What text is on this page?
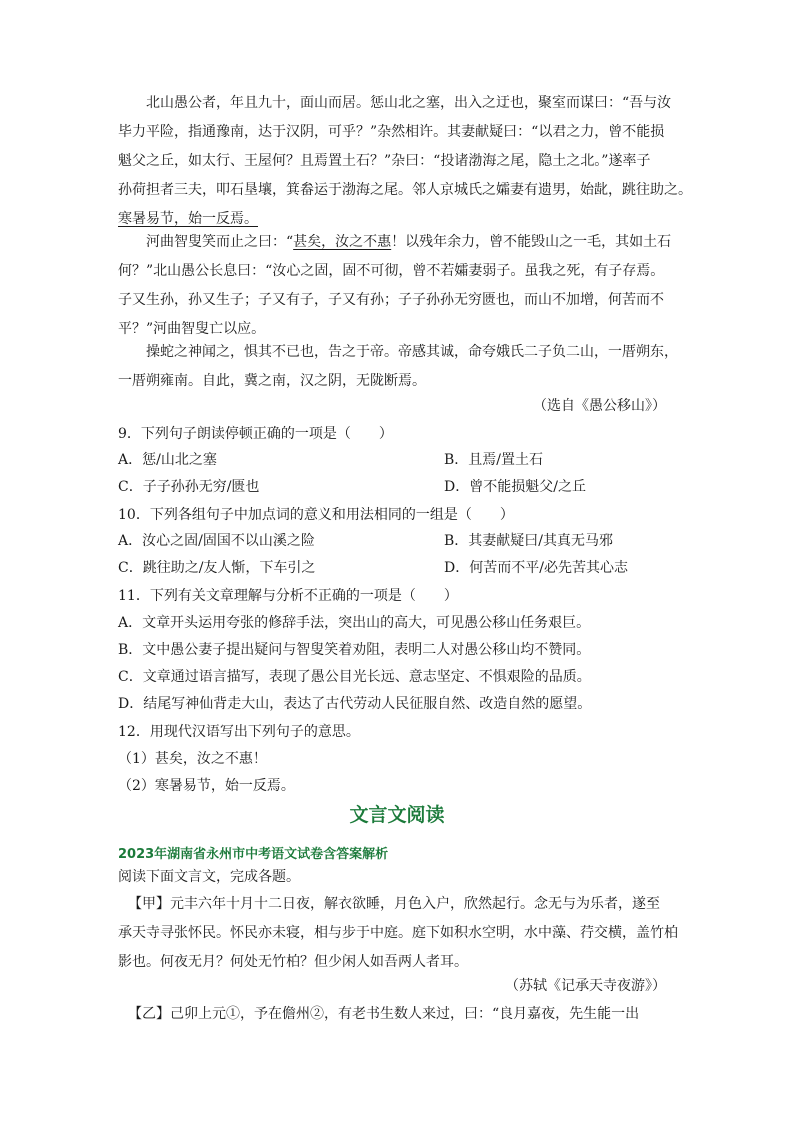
北山愚公者，年且九十，面山而居。惩山北之塞，出入之迂也，聚室而谋曰：“吾与汝
毕力平险，指通豫南，达于汉阴，可乎？”杂然相许。其妻献疑曰：“以君之力，曾不能损
魁父之丘，如太行、王屋何？且焉置土石？”杂曰：“投诸渤海之尾，隐土之北。”遂率子
孙荷担者三夫，叩石垦壤，箕畚运于渤海之尾。邻人京城氏之孀妻有遗男，始龀，跳往助之。
寒暑易节，始一反焉。
河曲智叟笑而止之曰：“甚矣，汝之不惠！以残年余力，曾不能毁山之一毛，其如土石
何？”北山愚公长息曰：“汝心之固，固不可彻，曾不若孀妻弱子。虽我之死，有子存焉。
子又生孙，孙又生子；子又有子，子又有孙；子子孙孙无穷匮也，而山不加增，何苦而不
平？”河曲智叟亡以应。
操蛇之神闻之，惧其不已也，告之于帝。帝感其诚，命夸娥氏二子负二山，一厝朔东，
一厝朔雍南。自此，冀之南，汉之阴，无陇断焉。
（选自《愚公移山》）
9．下列句子朗读停顿正确的一项是（　　）
A．惩/山北之塞	B．且焉/置土石
C．子子孙孙无穷/匮也	D．曾不能损魁父/之丘
10．下列各组句子中加点词的意义和用法相同的一组是（　　）
A．汝心之固/固国不以山溪之险	B．其妻献疑曰/其真无马邪
C．跳往助之/友人惭，下车引之	D．何苦而不平/必先苦其心志
11．下列有关文章理解与分析不正确的一项是（　　）
A．文章开头运用夸张的修辞手法，突出山的高大，可见愚公移山任务艰巨。
B．文中愚公妻子提出疑问与智叟笑着劝阻，表明二人对愚公移山均不赞同。
C．文章通过语言描写，表现了愚公目光长远、意志坚定、不惧艰险的品质。
D．结尾写神仙背走大山，表达了古代劳动人民征服自然、改造自然的愿望。
12．用现代汉语写出下列句子的意思。
（1）甚矣，汝之不惠！
（2）寒暑易节，始一反焉。
文言文阅读
2023年湖南省永州市中考语文试卷含答案解析
阅读下面文言文，完成各题。
【甲】元丰六年十月十二日夜，解衣欲睡，月色入户，欣然起行。念无与为乐者，遂至
承天寺寻张怀民。怀民亦未寝，相与步于中庭。庭下如积水空明，水中藻、荇交横，盖竹柏
影也。何夜无月？何处无竹柏？但少闲人如吾两人者耳。
（苏轼《记承天寺夜游》）
【乙】己卯上元①，予在儋州②，有老书生数人来过，曰：“良月嘉夜，先生能一出
